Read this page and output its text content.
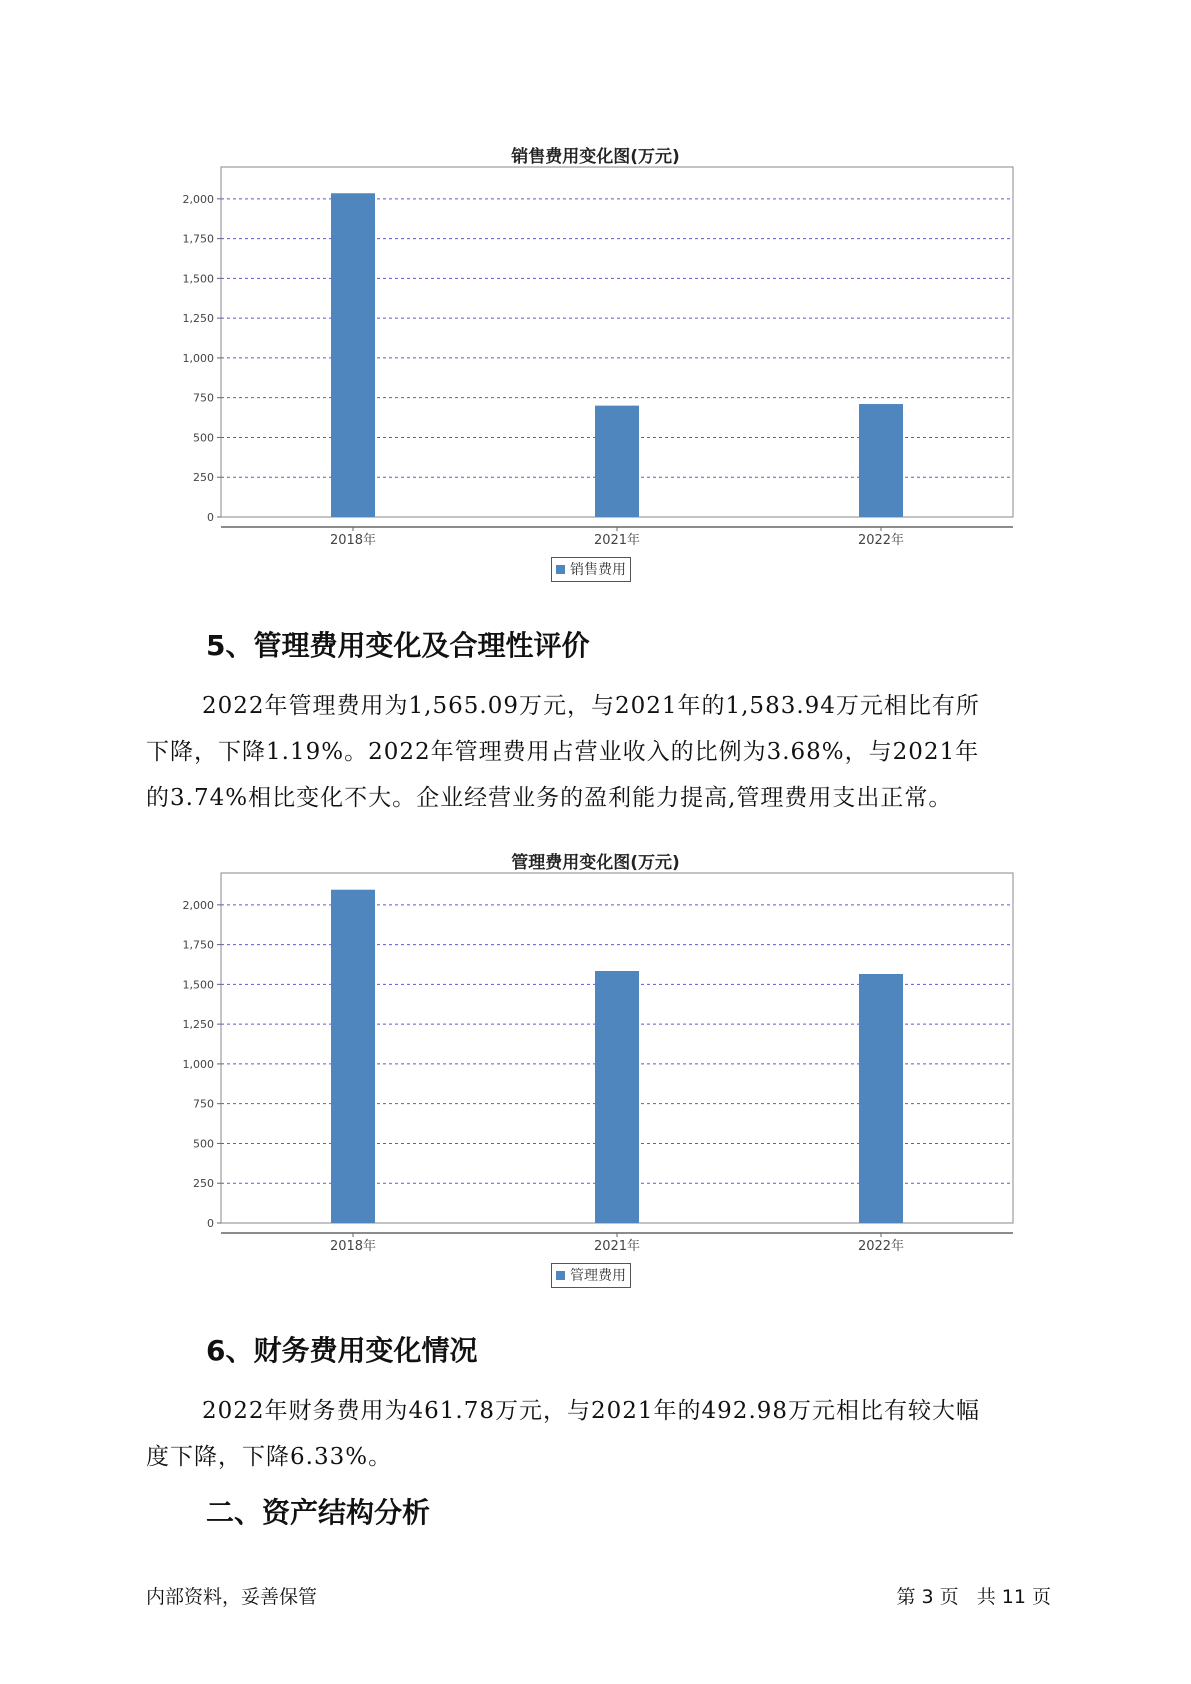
销售费用变化图(万元)
0
250
500
750
1,000
1,250
1,500
1,750
2,000
2018年	2021年	2022年
销售费用
5、管理费用变化及合理性评价
2022年管理费用为1,565.09万元，与2021年的1,583.94万元相比有所
下降，下降1.19%。2022年管理费用占营业收入的比例为3.68%，与2021年
的3.74%相比变化不大。企业经营业务的盈利能力提高,管理费用支出正常。
管理费用变化图(万元)
0
250
500
750
1,000
1,250
1,500
1,750
2,000
2018年	2021年	2022年
管理费用
6、财务费用变化情况
2022年财务费用为461.78万元，与2021年的492.98万元相比有较大幅
度下降，下降6.33%。
二、资产结构分析
内部资料，妥善保管	第 3 页   共 11 页
